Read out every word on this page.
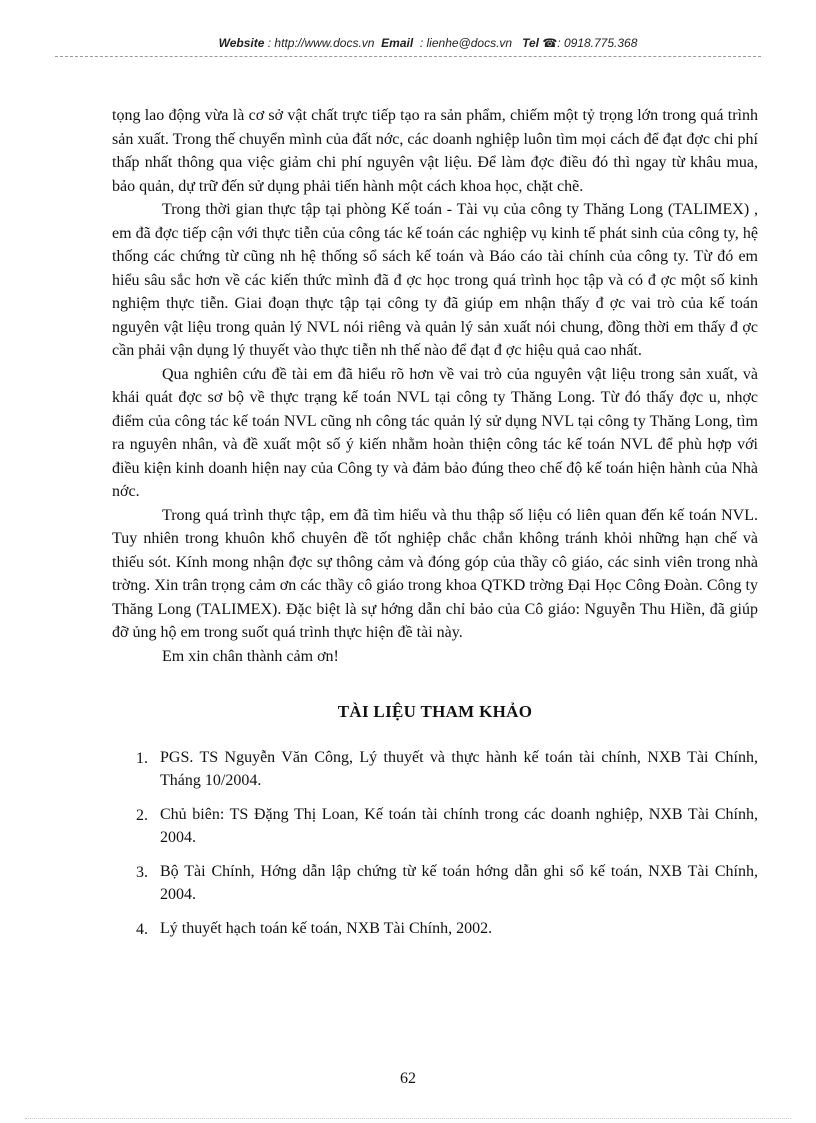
Website : http://www.docs.vn Email : lienhe@docs.vn Tel ☎: 0918.775.368

tọng lao động vừa là cơ sở vật chất trực tiếp tạo ra sản phẩm, chiếm một tỷ trọng lớn trong quá trình sản xuất. Trong thế chuyển mình của đất nớc, các doanh nghiệp luôn tìm mọi cách để đạt đợc chi phí thấp nhất thông qua việc giảm chi phí nguyên vật liệu. Để làm đợc điều đó thì ngay từ khâu mua, bảo quản, dự trữ đến sử dụng phải tiến hành một cách khoa học, chặt chẽ.

Trong thời gian thực tập tại phòng Kế toán - Tài vụ của công ty Thăng Long (TALIMEX) , em đã đợc tiếp cận với thực tiễn của công tác kế toán các nghiệp vụ kinh tế phát sinh của công ty, hệ thống các chứng từ cũng nh hệ thống sổ sách kế toán và Báo cáo tài chính của công ty. Từ đó em hiểu sâu sắc hơn về các kiến thức mình đã đ ợc học trong quá trình học tập và có đ ợc một số kinh nghiệm thực tiễn. Giai đoạn thực tập tại công ty đã giúp em nhận thấy đ ợc vai trò của kế toán nguyên vật liệu trong quản lý NVL nói riêng và quản lý sản xuất nói chung, đồng thời em thấy đ ợc cần phải vận dụng lý thuyết vào thực tiễn nh thế nào để đạt đ ợc hiệu quả cao nhất.

Qua nghiên cứu đề tài em đã hiểu rõ hơn về vai trò của nguyên vật liệu trong sản xuất, và khái quát đợc sơ bộ về thực trạng kế toán NVL tại công ty Thăng Long. Từ đó thấy đợc u, nhợc điểm của công tác kế toán NVL cũng nh công tác quản lý sử dụng NVL tại công ty Thăng Long, tìm ra nguyên nhân, và đề xuất một số ý kiến nhằm hoàn thiện công tác kế toán NVL để phù hợp với điều kiện kinh doanh hiện nay của Công ty và đảm bảo đúng theo chế độ kế toán hiện hành của Nhà nớc.

Trong quá trình thực tập, em đã tìm hiểu và thu thập số liệu có liên quan đến kế toán NVL. Tuy nhiên trong khuôn khổ chuyên đề tốt nghiệp chắc chắn không tránh khỏi những hạn chế và thiếu sót. Kính mong nhận đợc sự thông cảm và đóng góp của thầy cô giáo, các sinh viên trong nhà trờng. Xin trân trọng cảm ơn các thầy cô giáo trong khoa QTKD trờng Đại Học Công Đoàn. Công ty Thăng Long (TALIMEX). Đặc biệt là sự hớng dẫn chỉ bảo của Cô giáo: Nguyễn Thu Hiền, đã giúp đỡ ủng hộ em trong suốt quá trình thực hiện đề tài này.

Em xin chân thành cảm ơn!

TÀI LIỆU THAM KHẢO

1. PGS. TS Nguyễn Văn Công, Lý thuyết và thực hành kế toán tài chính, NXB Tài Chính, Tháng 10/2004.
2. Chủ biên: TS Đặng Thị Loan, Kế toán tài chính trong các doanh nghiệp, NXB Tài Chính, 2004.
3. Bộ Tài Chính, Hớng dẫn lập chứng từ kế toán hớng dẫn ghi sổ kế toán, NXB Tài Chính, 2004.
4. Lý thuyết hạch toán kế toán, NXB Tài Chính, 2002.
62
